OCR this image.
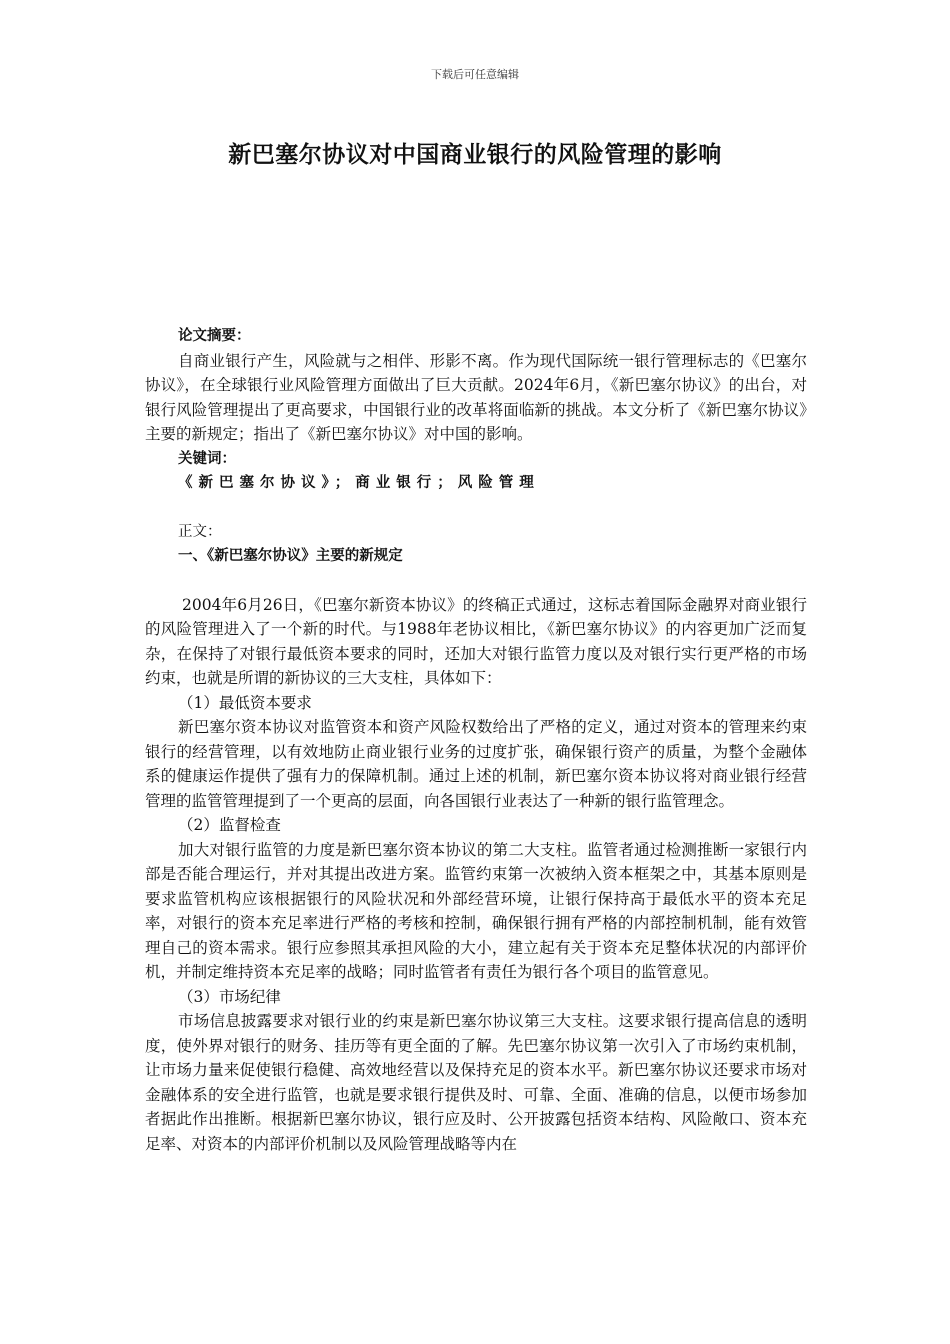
下载后可任意编辑
新巴塞尔协议对中国商业银行的风险管理的影响
论文摘要：

自商业银行产生，风险就与之相伴、形影不离。作为现代国际统一银行管理标志的《巴塞尔协议》，在全球银行业风险管理方面做出了巨大贡献。2024年6月，《新巴塞尔协议》的出台，对银行风险管理提出了更高要求，中国银行业的改革将面临新的挑战。本文分析了《新巴塞尔协议》主要的新规定；指出了《新巴塞尔协议》对中国的影响。

关键词：
《新巴塞尔协议》；商业银行；风险管理
正文：
一、《新巴塞尔协议》主要的新规定

2004年6月26日，《巴塞尔新资本协议》的终稿正式通过，这标志着国际金融界对商业银行的风险管理进入了一个新的时代。与1988年老协议相比，《新巴塞尔协议》的内容更加广泛而复杂，在保持了对银行最低资本要求的同时，还加大对银行监管力度以及对银行实行更严格的市场约束，也就是所谓的新协议的三大支柱，具体如下：

（1）最低资本要求

新巴塞尔资本协议对监管资本和资产风险权数给出了严格的定义，通过对资本的管理来约束银行的经营管理，以有效地防止商业银行业务的过度扩张，确保银行资产的质量，为整个金融体系的健康运作提供了强有力的保障机制。通过上述的机制，新巴塞尔资本协议将对商业银行经营管理的监管管理提到了一个更高的层面，向各国银行业表达了一种新的银行监管理念。

（2）监督检查

加大对银行监管的力度是新巴塞尔资本协议的第二大支柱。监管者通过检测推断一家银行内部是否能合理运行，并对其提出改进方案。监管约束第一次被纳入资本框架之中，其基本原则是要求监管机构应该根据银行的风险状况和外部经营环境，让银行保持高于最低水平的资本充足率，对银行的资本充足率进行严格的考核和控制，确保银行拥有严格的内部控制机制，能有效管理自己的资本需求。银行应参照其承担风险的大小，建立起有关于资本充足整体状况的内部评价机，并制定维持资本充足率的战略；同时监管者有责任为银行各个项目的监管意见。

（3）市场纪律

市场信息披露要求对银行业的约束是新巴塞尔协议第三大支柱。这要求银行提高信息的透明度，使外界对银行的财务、挂历等有更全面的了解。先巴塞尔协议第一次引入了市场约束机制，让市场力量来促使银行稳健、高效地经营以及保持充足的资本水平。新巴塞尔协议还要求市场对金融体系的安全进行监管，也就是要求银行提供及时、可靠、全面、准确的信息，以便市场参加者据此作出推断。根据新巴塞尔协议，银行应及时、公开披露包括资本结构、风险敞口、资本充足率、对资本的内部评价机制以及风险管理战略等内在
